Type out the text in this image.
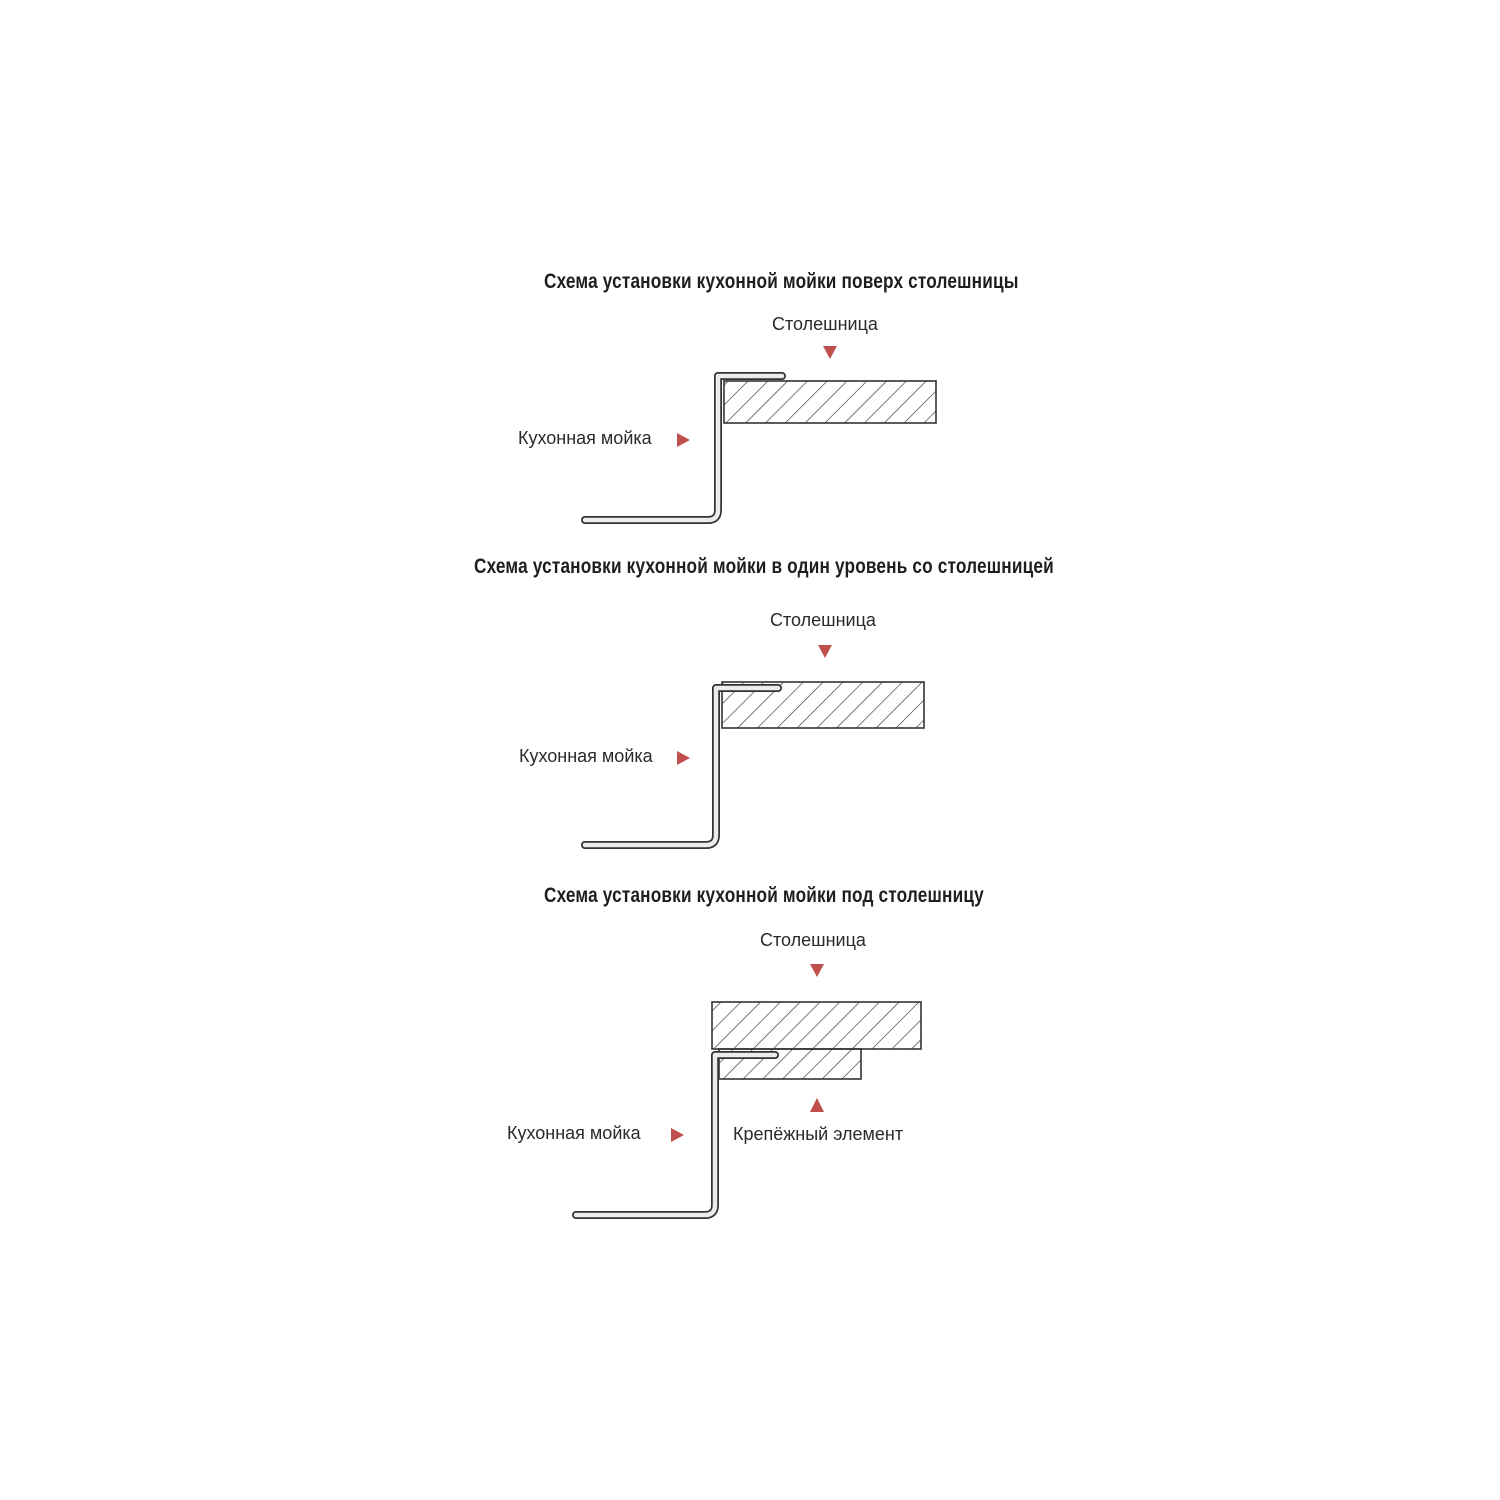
Схема установки кухонной мойки поверх столешницы
Столешница
Кухонная мойка
Схема установки кухонной мойки в один уровень со столешницей
Столешница
Кухонная мойка
Схема установки кухонной мойки под столешницу
Столешница
Кухонная мойка	Крепёжный элемент
